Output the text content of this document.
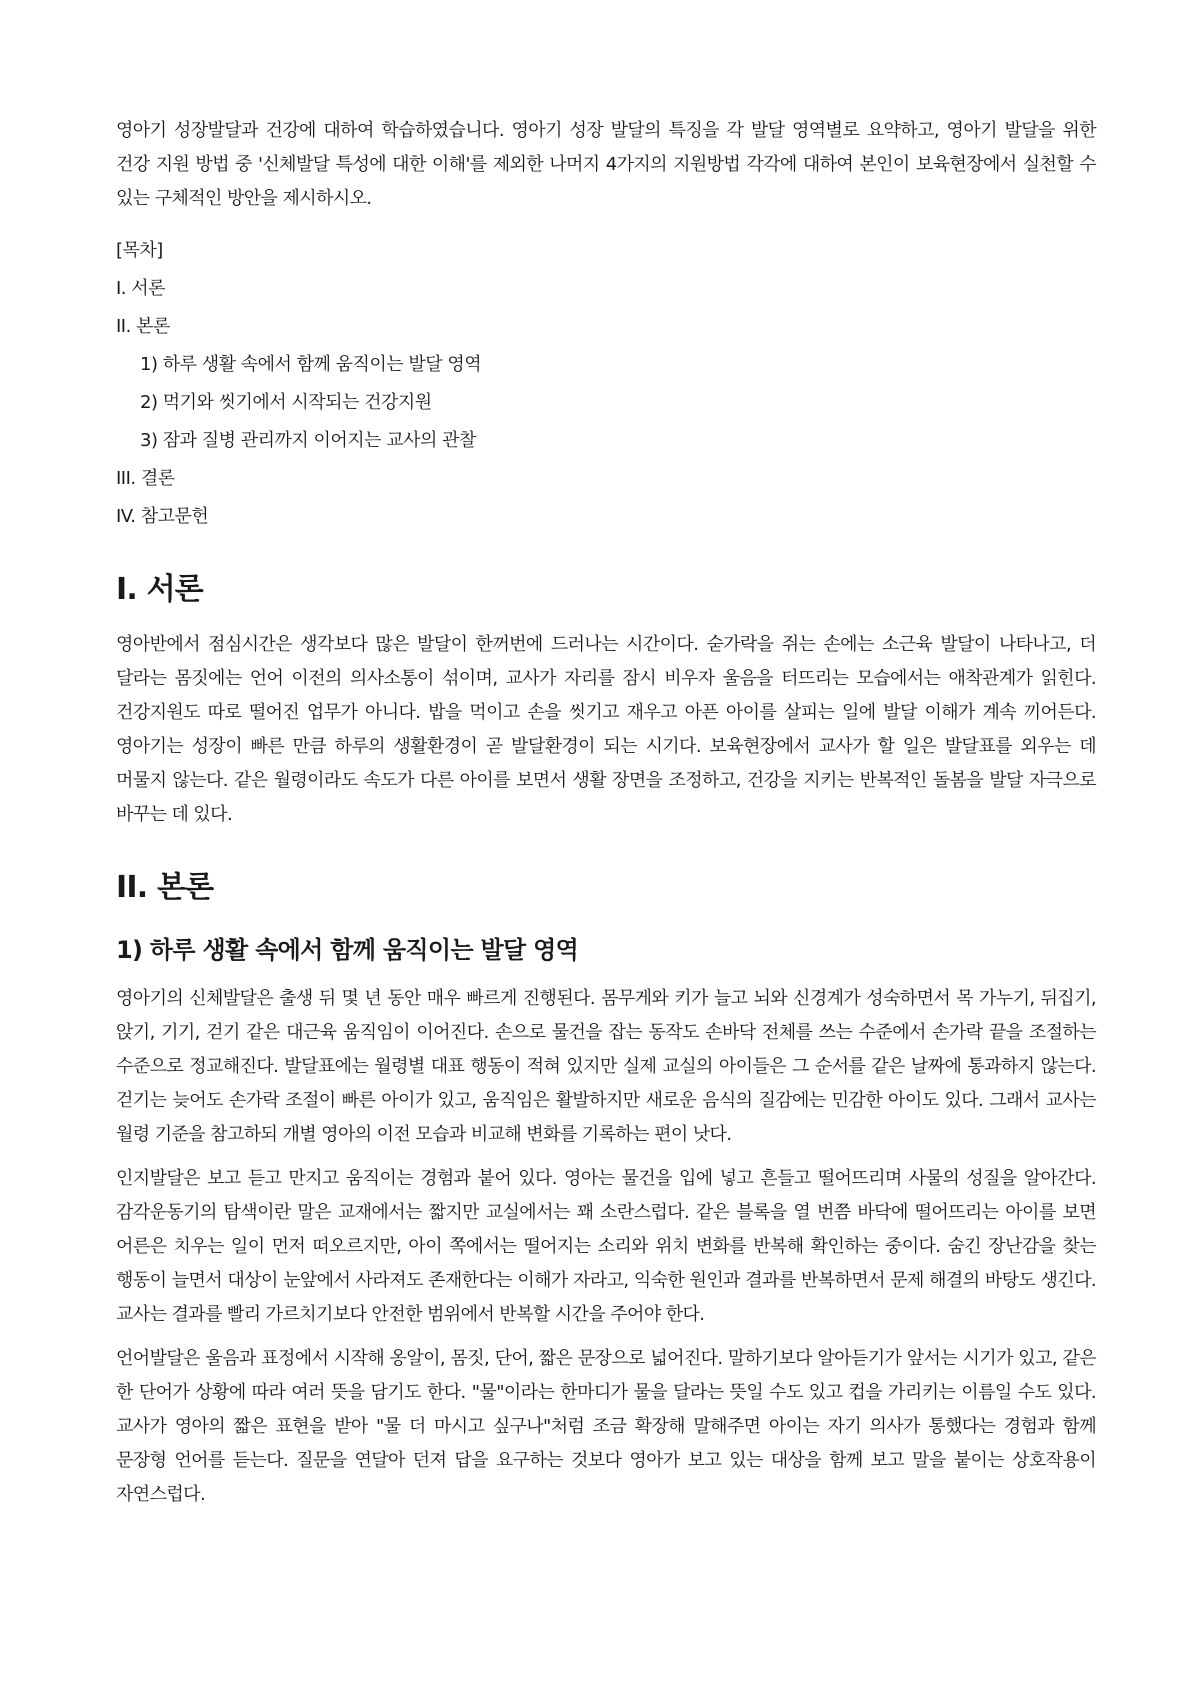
영아기 성장발달과 건강에 대하여 학습하였습니다. 영아기 성장 발달의 특징을 각 발달 영역별로 요약하고, 영아기 발달을 위한 건강 지원 방법 중 '신체발달 특성에 대한 이해'를 제외한 나머지 4가지의 지원방법 각각에 대하여 본인이 보육현장에서 실천할 수 있는 구체적인 방안을 제시하시오.

[목차]

I. 서론
II. 본론
1) 하루 생활 속에서 함께 움직이는 발달 영역
2) 먹기와 씻기에서 시작되는 건강지원
3) 잠과 질병 관리까지 이어지는 교사의 관찰
III. 결론
IV. 참고문헌
I. 서론

영아반에서 점심시간은 생각보다 많은 발달이 한꺼번에 드러나는 시간이다. 숟가락을 쥐는 손에는 소근육 발달이 나타나고, 더 달라는 몸짓에는 언어 이전의 의사소통이 섞이며, 교사가 자리를 잠시 비우자 울음을 터뜨리는 모습에서는 애착관계가 읽힌다. 건강지원도 따로 떨어진 업무가 아니다. 밥을 먹이고 손을 씻기고 재우고 아픈 아이를 살피는 일에 발달 이해가 계속 끼어든다. 영아기는 성장이 빠른 만큼 하루의 생활환경이 곧 발달환경이 되는 시기다. 보육현장에서 교사가 할 일은 발달표를 외우는 데 머물지 않는다. 같은 월령이라도 속도가 다른 아이를 보면서 생활 장면을 조정하고, 건강을 지키는 반복적인 돌봄을 발달 자극으로 바꾸는 데 있다.

II. 본론
1) 하루 생활 속에서 함께 움직이는 발달 영역

영아기의 신체발달은 출생 뒤 몇 년 동안 매우 빠르게 진행된다. 몸무게와 키가 늘고 뇌와 신경계가 성숙하면서 목 가누기, 뒤집기, 앉기, 기기, 걷기 같은 대근육 움직임이 이어진다. 손으로 물건을 잡는 동작도 손바닥 전체를 쓰는 수준에서 손가락 끝을 조절하는 수준으로 정교해진다. 발달표에는 월령별 대표 행동이 적혀 있지만 실제 교실의 아이들은 그 순서를 같은 날짜에 통과하지 않는다. 걷기는 늦어도 손가락 조절이 빠른 아이가 있고, 움직임은 활발하지만 새로운 음식의 질감에는 민감한 아이도 있다. 그래서 교사는 월령 기준을 참고하되 개별 영아의 이전 모습과 비교해 변화를 기록하는 편이 낫다.

인지발달은 보고 듣고 만지고 움직이는 경험과 붙어 있다. 영아는 물건을 입에 넣고 흔들고 떨어뜨리며 사물의 성질을 알아간다. 감각운동기의 탐색이란 말은 교재에서는 짧지만 교실에서는 꽤 소란스럽다. 같은 블록을 열 번쯤 바닥에 떨어뜨리는 아이를 보면 어른은 치우는 일이 먼저 떠오르지만, 아이 쪽에서는 떨어지는 소리와 위치 변화를 반복해 확인하는 중이다. 숨긴 장난감을 찾는 행동이 늘면서 대상이 눈앞에서 사라져도 존재한다는 이해가 자라고, 익숙한 원인과 결과를 반복하면서 문제 해결의 바탕도 생긴다. 교사는 결과를 빨리 가르치기보다 안전한 범위에서 반복할 시간을 주어야 한다.

언어발달은 울음과 표정에서 시작해 옹알이, 몸짓, 단어, 짧은 문장으로 넓어진다. 말하기보다 알아듣기가 앞서는 시기가 있고, 같은 한 단어가 상황에 따라 여러 뜻을 담기도 한다. "물"이라는 한마디가 물을 달라는 뜻일 수도 있고 컵을 가리키는 이름일 수도 있다. 교사가 영아의 짧은 표현을 받아 "물 더 마시고 싶구나"처럼 조금 확장해 말해주면 아이는 자기 의사가 통했다는 경험과 함께 문장형 언어를 듣는다. 질문을 연달아 던져 답을 요구하는 것보다 영아가 보고 있는 대상을 함께 보고 말을 붙이는 상호작용이 자연스럽다.
